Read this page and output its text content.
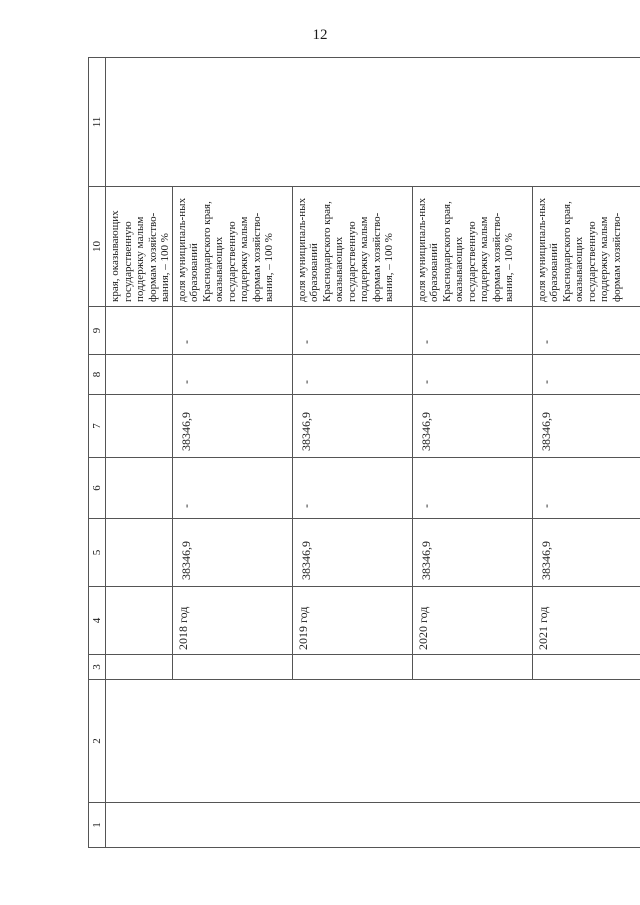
12
1	2	3	4	5	6	7	8	9	10	11
									края, оказывающих государственную поддержку малым формам хозяйство-вания, – 100 %	
			2018 год	38346,9	-	38346,9	-	-	доля муниципаль-ных образований Краснодарского края, оказывающих государственную поддержку малым формам хозяйство-вания, – 100 %	
			2019 год	38346,9	-	38346,9	-	-	доля муниципаль-ных образований Краснодарского края, оказывающих государственную поддержку малым формам хозяйство-вания, – 100 %	
			2020 год	38346,9	-	38346,9	-	-	доля муниципаль-ных образований Краснодарского края, оказывающих государственную поддержку малым формам хозяйство-вания, – 100 %	
			2021 год	38346,9	-	38346,9	-	-	доля муниципаль-ных образований Краснодарского края, оказывающих государственную поддержку малым формам хозяйство-	
